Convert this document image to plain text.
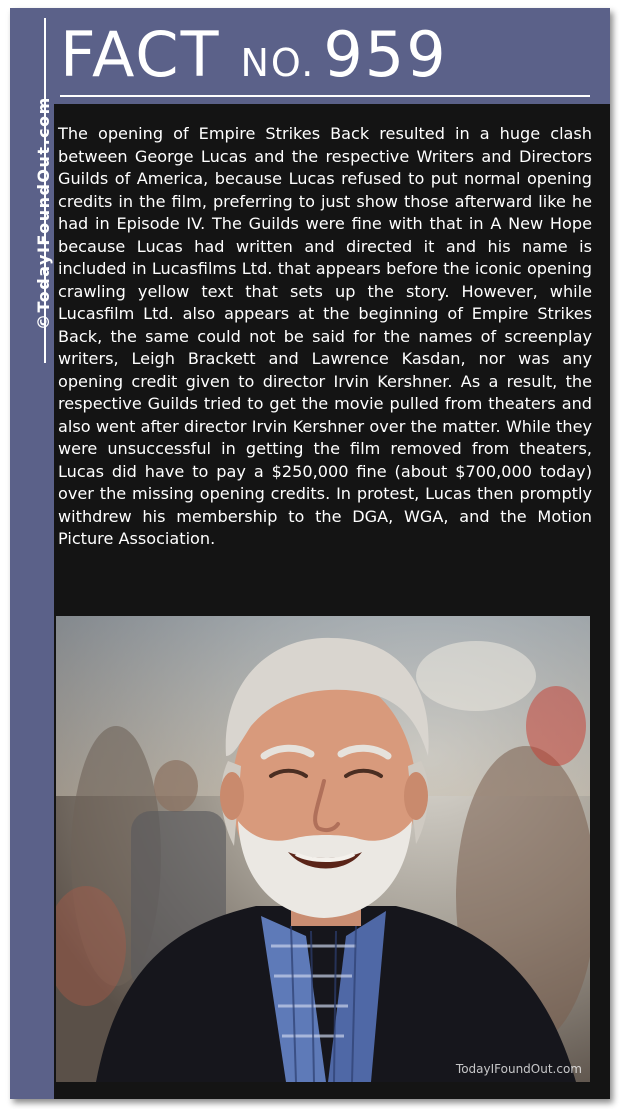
©TodayIFoundOut.com
FACT NO. 959

The opening of Empire Strikes Back resulted in a huge clash between George Lucas and the respective Writers and Directors Guilds of America, because Lucas refused to put normal opening credits in the film, preferring to just show those afterward like he had in Episode IV. The Guilds were fine with that in A New Hope because Lucas had written and directed it and his name is included in Lucasfilms Ltd. that appears before the iconic opening crawling yellow text that sets up the story. However, while Lucasfilm Ltd. also appears at the beginning of Empire Strikes Back, the same could not be said for the names of screenplay writers, Leigh Brackett and Lawrence Kasdan, nor was any opening credit given to director Irvin Kershner. As a result, the respective Guilds tried to get the movie pulled from theaters and also went after director Irvin Kershner over the matter. While they were unsuccessful in getting the film removed from theaters, Lucas did have to pay a $250,000 fine (about $700,000 today) over the missing opening credits. In protest, Lucas then promptly withdrew his membership to the DGA, WGA, and the Motion Picture Association.

TodayIFoundOut.com
